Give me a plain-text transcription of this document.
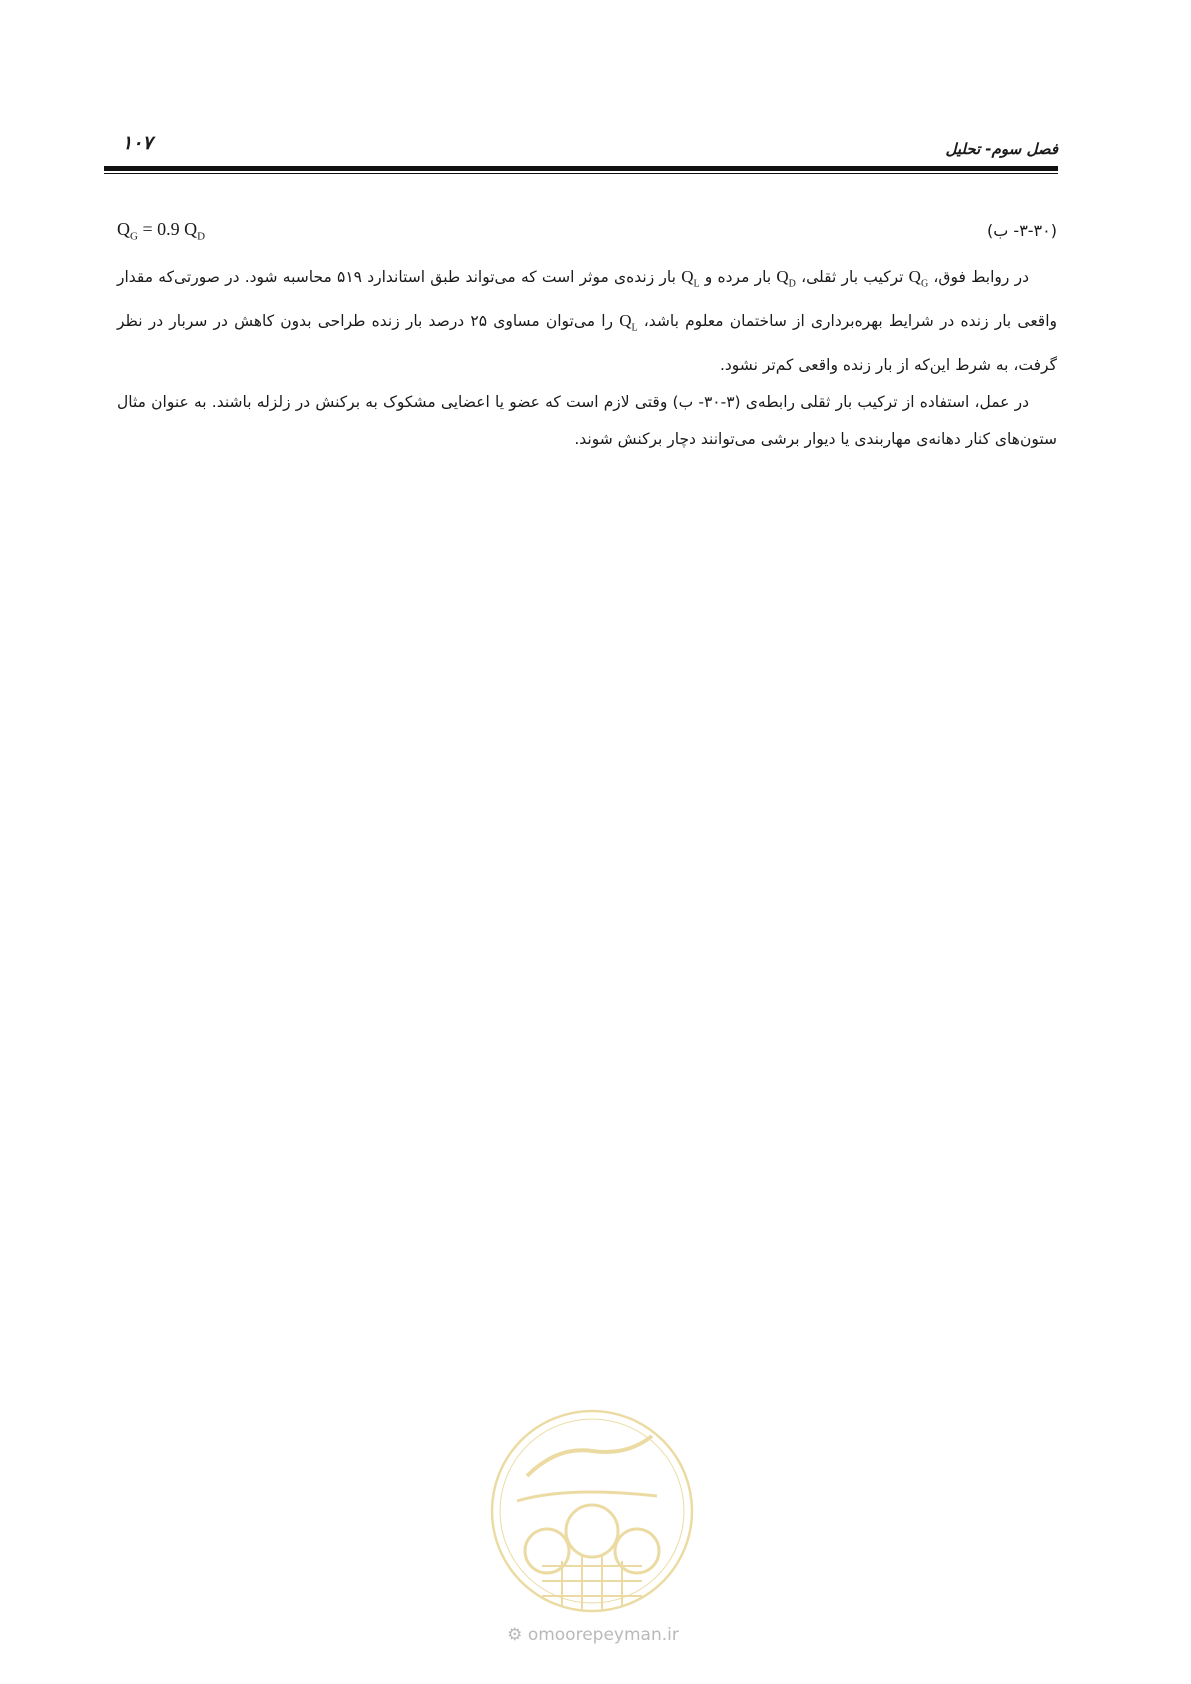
۱۰۷	فصل سوم- تحلیل
$Q_G = 0.9$ $Q_D$	(۳-۳۰- ب)

در روابط فوق، $Q_G$ ترکیب بار ثقلی، $Q_D$ بار مرده و $Q_L$ بار زنده‌ی موثر است که می‌تواند طبق استاندارد ۵۱۹ محاسبه شود. در صورتی‌که مقدار واقعی بار زنده در شرایط بهره‌برداری از ساختمان معلوم باشد، $Q_L$ را می‌توان مساوی ۲۵ درصد بار زنده طراحی بدون کاهش در سربار در نظر گرفت، به شرط این‌که از بار زنده واقعی کم‌تر نشود.

در عمل، استفاده از ترکیب بار ثقلی رابطه‌ی (۳-۳۰- ب) وقتی لازم است که عضو یا اعضایی مشکوک به برکنش در زلزله باشند. به عنوان مثال ستون‌های کنار دهانه‌ی مهاربندی یا دیوار برشی می‌توانند دچار برکنش شوند.

⚙ omoorepeyman.ir
